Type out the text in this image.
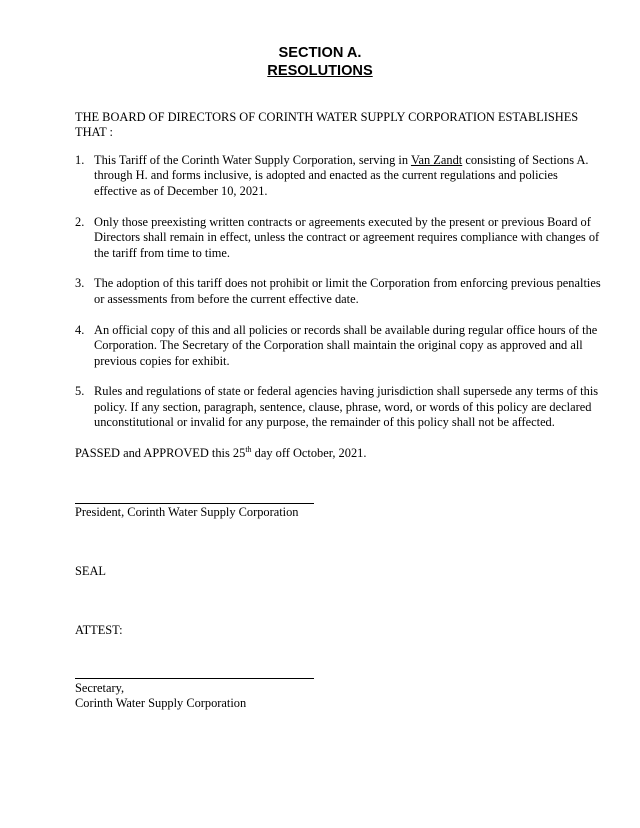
SECTION A.
RESOLUTIONS
THE BOARD OF DIRECTORS OF CORINTH WATER SUPPLY CORPORATION ESTABLISHES THAT :
1. This Tariff of the Corinth Water Supply Corporation, serving in Van Zandt consisting of Sections A. through H. and forms inclusive, is adopted and enacted as the current regulations and policies effective as of December 10, 2021.
2. Only those preexisting written contracts or agreements executed by the present or previous Board of Directors shall remain in effect, unless the contract or agreement requires compliance with changes of the tariff from time to time.
3. The adoption of this tariff does not prohibit or limit the Corporation from enforcing previous penalties or assessments from before the current effective date.
4. An official copy of this and all policies or records shall be available during regular office hours of the Corporation. The Secretary of the Corporation shall maintain the original copy as approved and all previous copies for exhibit.
5. Rules and regulations of state or federal agencies having jurisdiction shall supersede any terms of this policy. If any section, paragraph, sentence, clause, phrase, word, or words of this policy are declared unconstitutional or invalid for any purpose, the remainder of this policy shall not be affected.
PASSED and APPROVED this 25th day off October, 2021.
President, Corinth Water Supply Corporation
SEAL
ATTEST:
Secretary,
Corinth Water Supply Corporation
